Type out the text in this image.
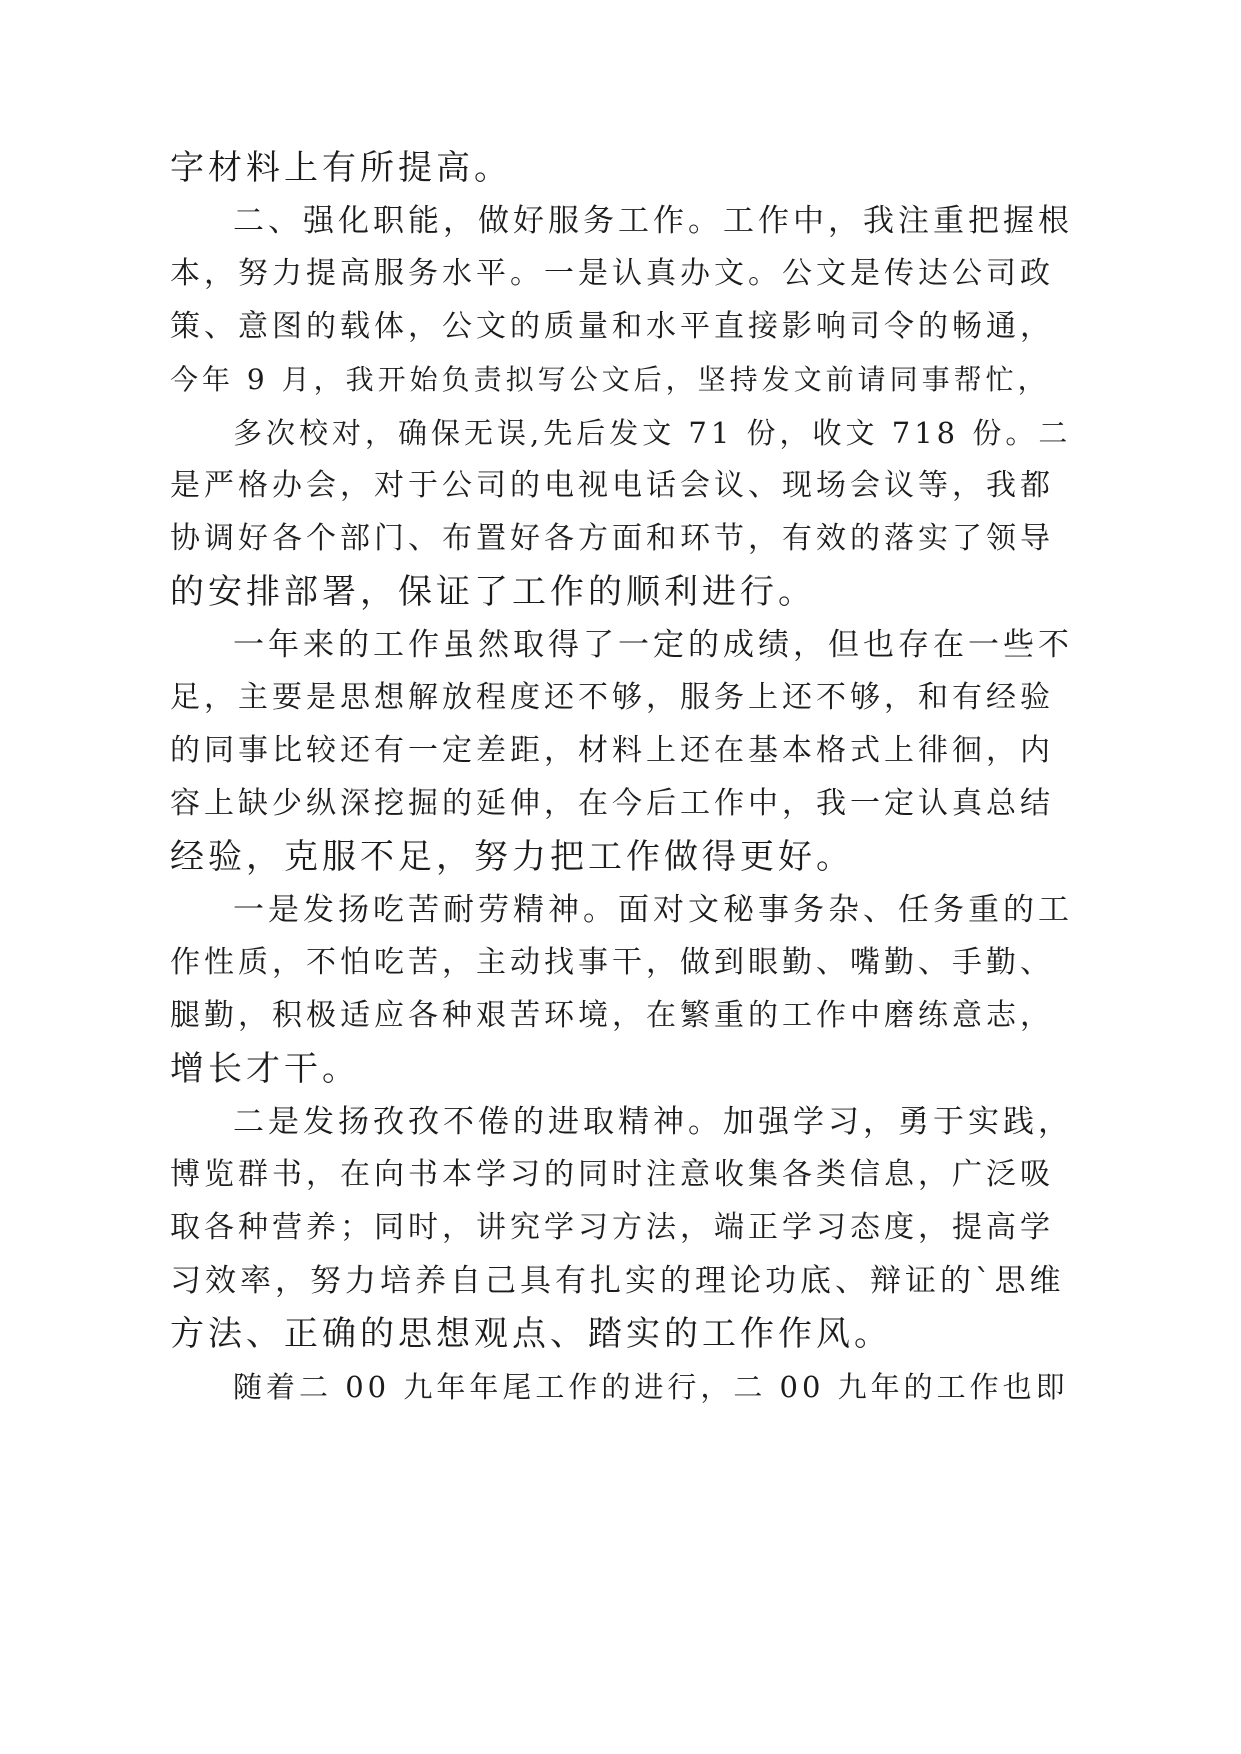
字材料上有所提高。
二、强化职能，做好服务工作。工作中，我注重把握根
本，努力提高服务水平。一是认真办文。公文是传达公司政
策、意图的载体，公文的质量和水平直接影响司令的畅通，
今年 9 月，我开始负责拟写公文后，坚持发文前请同事帮忙，
多次校对，确保无误,先后发文 71 份，收文 718 份。二
是严格办会，对于公司的电视电话会议、现场会议等，我都
协调好各个部门、布置好各方面和环节，有效的落实了领导
的安排部署，保证了工作的顺利进行。
一年来的工作虽然取得了一定的成绩，但也存在一些不
足，主要是思想解放程度还不够，服务上还不够，和有经验
的同事比较还有一定差距，材料上还在基本格式上徘徊，内
容上缺少纵深挖掘的延伸，在今后工作中，我一定认真总结
经验，克服不足，努力把工作做得更好。
一是发扬吃苦耐劳精神。面对文秘事务杂、任务重的工
作性质，不怕吃苦，主动找事干，做到眼勤、嘴勤、手勤、
腿勤，积极适应各种艰苦环境，在繁重的工作中磨练意志，
增长才干。
二是发扬孜孜不倦的进取精神。加强学习，勇于实践，
博览群书，在向书本学习的同时注意收集各类信息，广泛吸
取各种营养；同时，讲究学习方法，端正学习态度，提高学
习效率，努力培养自己具有扎实的理论功底、辩证的`思维
方法、正确的思想观点、踏实的工作作风。
随着二 00 九年年尾工作的进行，二 00 九年的工作也即
